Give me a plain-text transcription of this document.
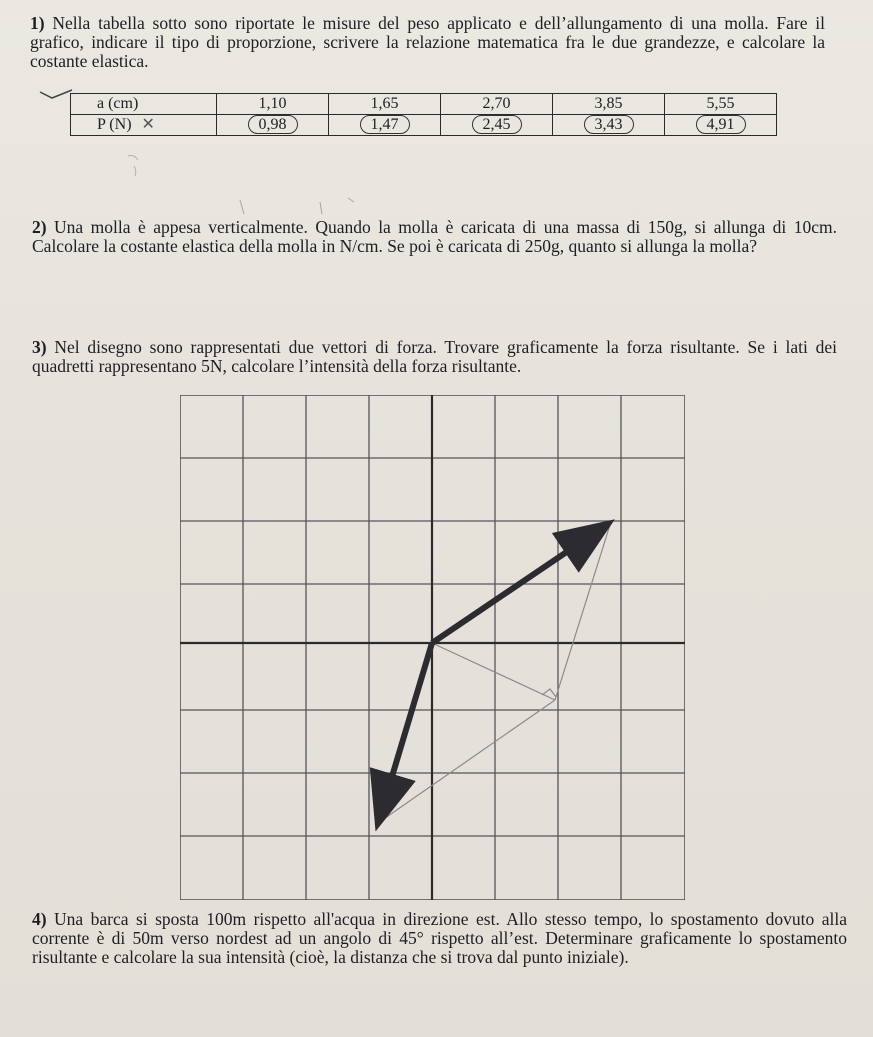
1) Nella tabella sotto sono riportate le misure del peso applicato e dell’allungamento di una molla. Fare il grafico, indicare il tipo di proporzione, scrivere la relazione matematica fra le due grandezze, e calcolare la costante elastica.

a (cm)	1,10	1,65	2,70	3,85	5,55
P (N) ✕	0,98	1,47	2,45	3,43	4,91

2) Una molla è appesa verticalmente. Quando la molla è caricata di una massa di 150g, si allunga di 10cm. Calcolare la costante elastica della molla in N/cm. Se poi è caricata di 250g, quanto si allunga la molla?

3) Nel disegno sono rappresentati due vettori di forza. Trovare graficamente la forza risultante. Se i lati dei quadretti rappresentano 5N, calcolare l’intensità della forza risultante.

4) Una barca si sposta 100m rispetto all'acqua in direzione est. Allo stesso tempo, lo spostamento dovuto alla corrente è di 50m verso nordest ad un angolo di 45° rispetto all’est. Determinare graficamente lo spostamento risultante e calcolare la sua intensità (cioè, la distanza che si trova dal punto iniziale).
